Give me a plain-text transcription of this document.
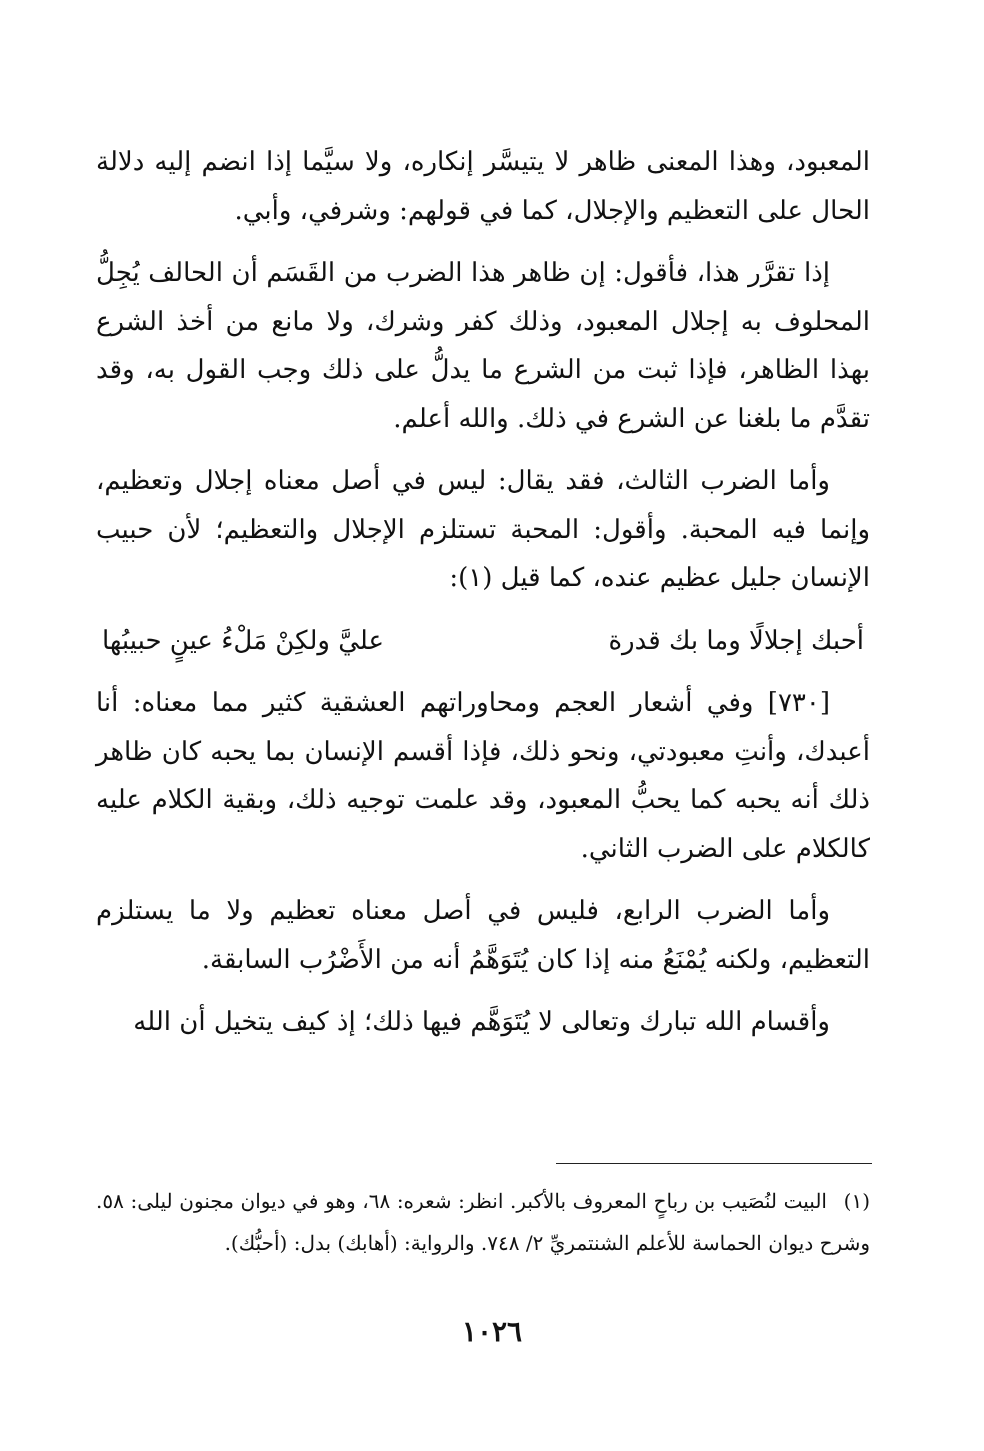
المعبود، وهذا المعنى ظاهر لا يتيسَّر إنكاره، ولا سيَّما إذا انضم إليه دلالة الحال على التعظيم والإجلال، كما في قولهم: وشرفي، وأبي.

إذا تقرَّر هذا، فأقول: إن ظاهر هذا الضرب من القَسَم أن الحالف يُجِلُّ المحلوف به إجلال المعبود، وذلك كفر وشرك، ولا مانع من أخذ الشرع بهذا الظاهر، فإذا ثبت من الشرع ما يدلُّ على ذلك وجب القول به، وقد تقدَّم ما بلغنا عن الشرع في ذلك. والله أعلم.

وأما الضرب الثالث، فقد يقال: ليس في أصل معناه إجلال وتعظيم، وإنما فيه المحبة. وأقول: المحبة تستلزم الإجلال والتعظيم؛ لأن حبيب الإنسان جليل عظيم عنده، كما قيل (١):

أحبك إجلالًا وما بك قدرة
عليَّ ولكِنْ مَلْءُ عينٍ حبيبُها

[٧٣٠] وفي أشعار العجم ومحاوراتهم العشقية كثير مما معناه: أنا أعبدك، وأنتِ معبودتي، ونحو ذلك، فإذا أقسم الإنسان بما يحبه كان ظاهر ذلك أنه يحبه كما يحبُّ المعبود، وقد علمت توجيه ذلك، وبقية الكلام عليه كالكلام على الضرب الثاني.

وأما الضرب الرابع، فليس في أصل معناه تعظيم ولا ما يستلزم التعظيم، ولكنه يُمْنَعُ منه إذا كان يُتَوَهَّمُ أنه من الأَضْرُب السابقة.

وأقسام الله تبارك وتعالى لا يُتَوَهَّم فيها ذلك؛ إذ كيف يتخيل أن الله

(١) البيت لنُصَيب بن رباحٍ المعروف بالأكبر. انظر: شعره: ٦٨، وهو في ديوان مجنون ليلى: ٥٨. وشرح ديوان الحماسة للأعلم الشنتمريِّ ٢/ ٧٤٨. والرواية: (أهابك) بدل: (أحبُّك).

١٠٢٦
